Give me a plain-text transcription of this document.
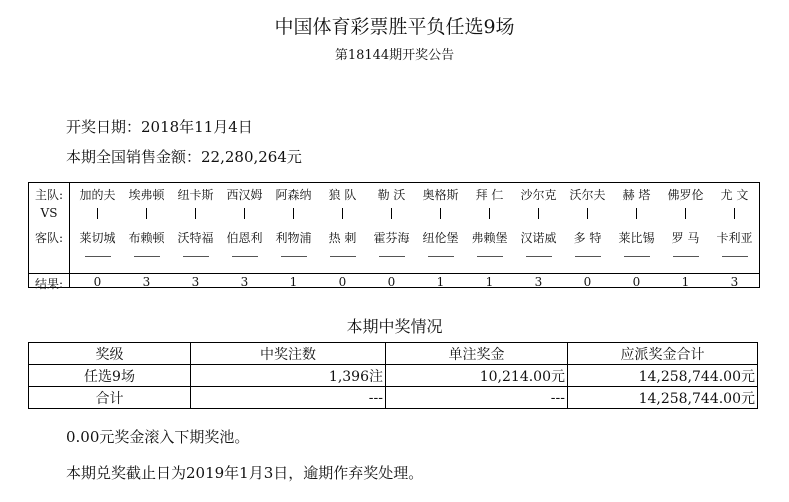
中国体育彩票胜平负任选9场
第18144期开奖公告
开奖日期：2018年11月4日
本期全国销售金额：22,280,264元
主队:	加的夫	埃弗顿	纽卡斯	西汉姆	阿森纳	狼 队	勒 沃	奥格斯	拜 仁	沙尔克	沃尔夫	赫 塔	佛罗伦	尤 文
VS
客队:	莱切城	布赖顿	沃特福	伯恩利	利物浦	热 刺	霍芬海	纽伦堡	弗赖堡	汉诺威	多 特	莱比锡	罗 马	卡利亚
结果:	0	3	3	3	1	0	0	1	1	3	0	0	1	3
本期中奖情况
奖级	中奖注数	单注奖金	应派奖金合计
任选9场	1,396注	10,214.00元	14,258,744.00元
合计	---	---	14,258,744.00元
0.00元奖金滚入下期奖池。
本期兑奖截止日为2019年1月3日，逾期作弃奖处理。
